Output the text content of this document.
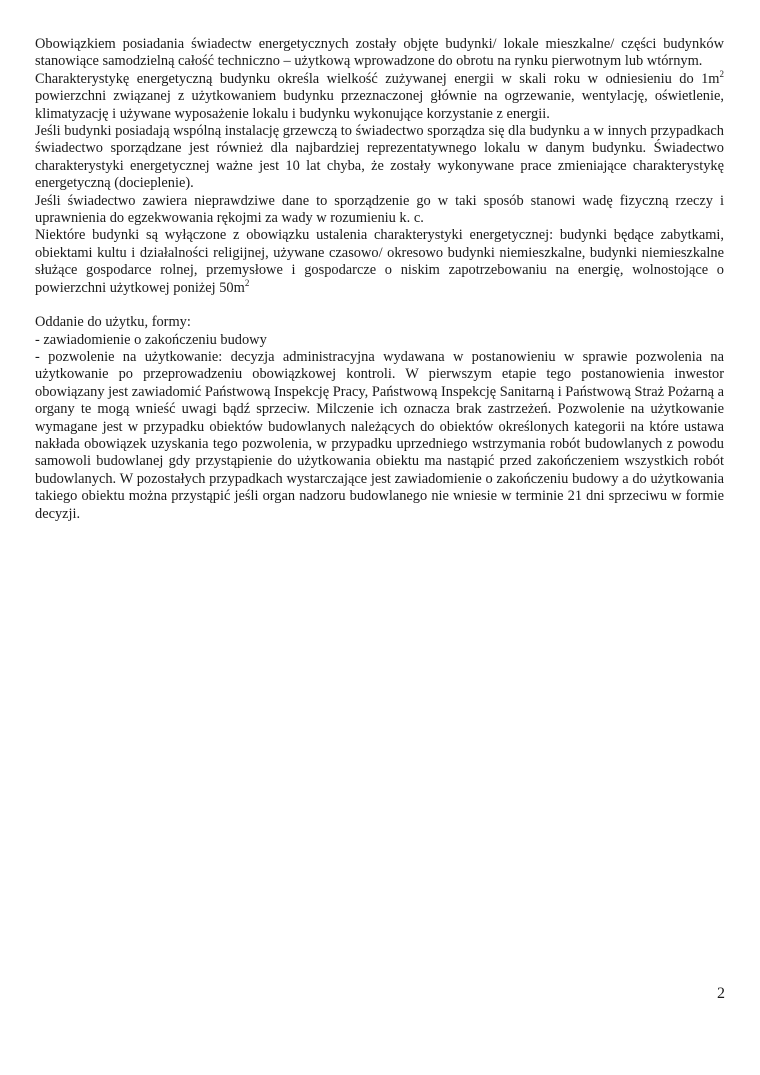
Obowiązkiem posiadania świadectw energetycznych zostały objęte budynki/ lokale mieszkalne/ części budynków stanowiące samodzielną całość techniczno – użytkową wprowadzone do obrotu na rynku pierwotnym lub wtórnym.

Charakterystykę energetyczną budynku określa wielkość zużywanej energii w skali roku w odniesieniu do $1m^2$ powierzchni związanej z użytkowaniem budynku przeznaczonej głównie na ogrzewanie, wentylację, oświetlenie, klimatyzację i używane wyposażenie lokalu i budynku wykonujące korzystanie z energii.

Jeśli budynki posiadają wspólną instalację grzewczą to świadectwo sporządza się dla budynku a w innych przypadkach świadectwo sporządzane jest również dla najbardziej reprezentatywnego lokalu w danym budynku. Świadectwo charakterystyki energetycznej ważne jest 10 lat chyba, że zostały wykonywane prace zmieniające charakterystykę energetyczną (docieplenie).

Jeśli świadectwo zawiera nieprawdziwe dane to sporządzenie go w taki sposób stanowi wadę fizyczną rzeczy i uprawnienia do egzekwowania rękojmi za wady w rozumieniu k. c.

Niektóre budynki są wyłączone z obowiązku ustalenia charakterystyki energetycznej: budynki będące zabytkami, obiektami kultu i działalności religijnej, używane czasowo/ okresowo budynki niemieszkalne, budynki niemieszkalne służące gospodarce rolnej, przemysłowe i gospodarcze o niskim zapotrzebowaniu na energię, wolnostojące o powierzchni użytkowej poniżej $50m^2$

Oddanie do użytku, formy:

- zawiadomienie o zakończeniu budowy

- pozwolenie na użytkowanie: decyzja administracyjna wydawana w postanowieniu w sprawie pozwolenia na użytkowanie po przeprowadzeniu obowiązkowej kontroli. W pierwszym etapie tego postanowienia inwestor obowiązany jest zawiadomić Państwową Inspekcję Pracy, Państwową Inspekcję Sanitarną i Państwową Straż Pożarną a organy te mogą wnieść uwagi bądź sprzeciw. Milczenie ich oznacza brak zastrzeżeń. Pozwolenie na użytkowanie wymagane jest w przypadku obiektów budowlanych należących do obiektów określonych kategorii na które ustawa nakłada obowiązek uzyskania tego pozwolenia, w przypadku uprzedniego wstrzymania robót budowlanych z powodu samowoli budowlanej gdy przystąpienie do użytkowania obiektu ma nastąpić przed zakończeniem wszystkich robót budowlanych. W pozostałych przypadkach wystarczające jest zawiadomienie o zakończeniu budowy a do użytkowania takiego obiektu można przystąpić jeśli organ nadzoru budowlanego nie wniesie w terminie 21 dni sprzeciwu w formie decyzji.

2
